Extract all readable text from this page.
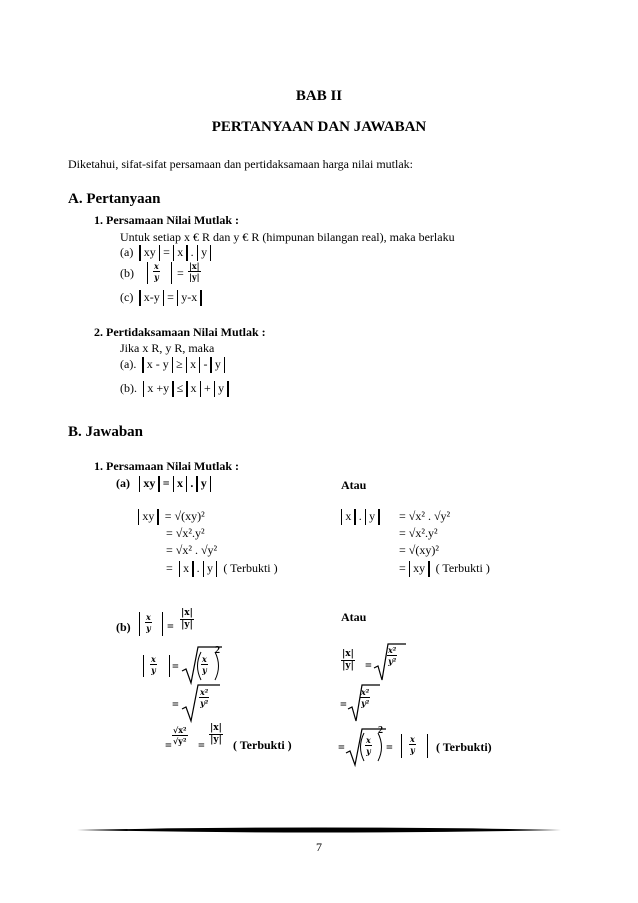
BAB II
PERTANYAAN DAN JAWABAN
Diketahui, sifat-sifat persamaan dan pertidaksamaan harga nilai mutlak:
A. Pertanyaan
1. Persamaan Nilai Mutlak :
Untuk setiap x € R dan y € R (himpunan bilangan real), maka berlaku
(a) xy = x . y
(b)	x
y = |x|
|y|
(c) x-y = y-x
2. Pertidaksamaan Nilai Mutlak :
Jika x R, y R, maka
(a). x - y ≥ x - y
(b). x +y ≤ x + y
B. Jawaban
1. Persamaan Nilai Mutlak :
(a) xy = x . y	Atau
xy = √(xy)²
= √x².y²
= √x² . √y²
= x . y ( Terbukti )
x . y	= √x² . √y²
= √x².y²
= √(xy)²
= xy ( Terbukti )
(b)
x
y =
|x|
|y|
Atau
x
y =	x
y
2
=
x²
y²
=
√x²
√y² =
|x|
|y| ( Terbukti )
|x|
|y| =
x²
y²
=
x²
y²
=	x
y
2
=
x
y ( Terbukti)
7
